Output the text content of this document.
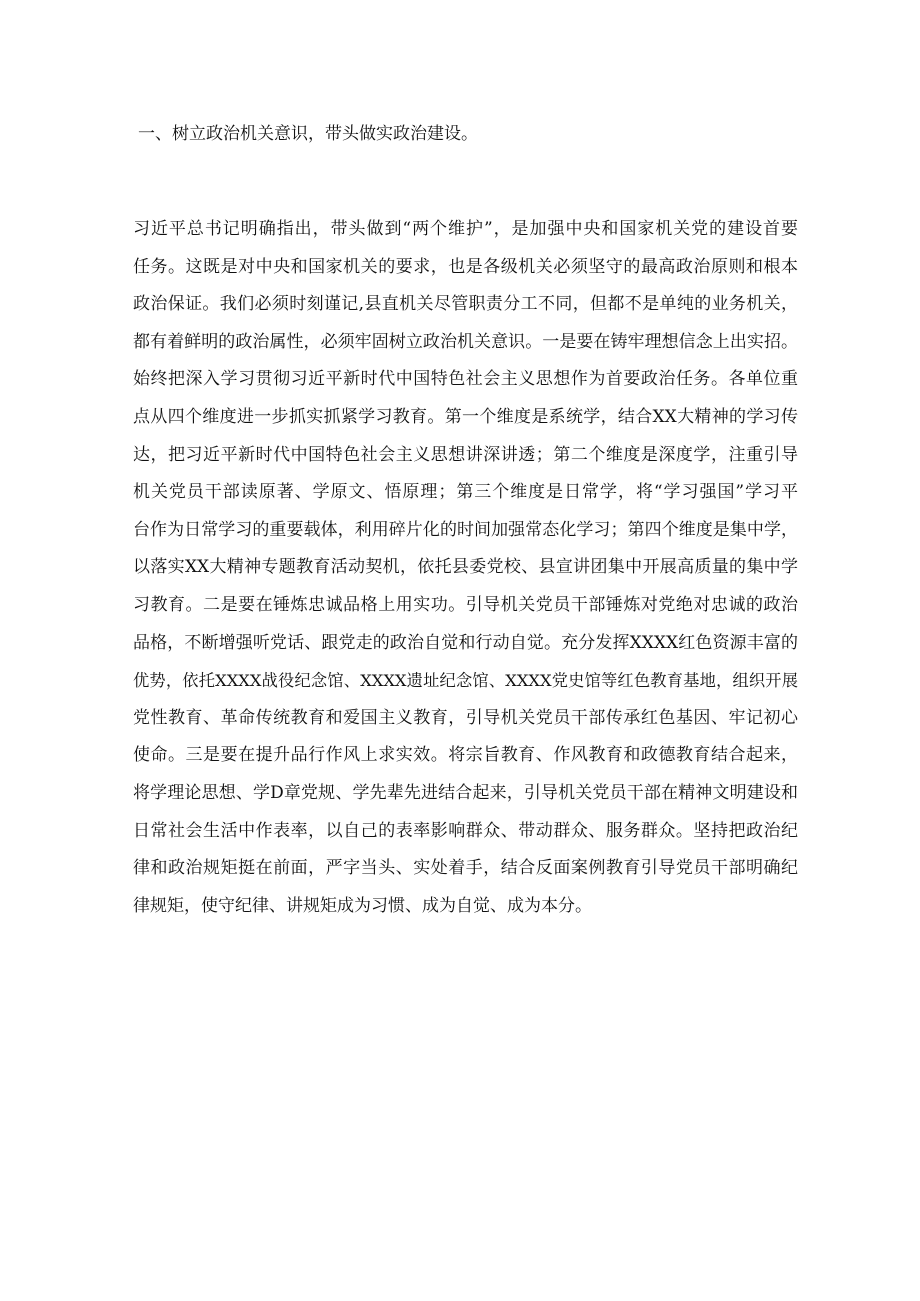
一、树立政治机关意识，带头做实政治建设。
习近平总书记明确指出，带头做到“两个维护”，是加强中央和国家机关党的建设首要
任务。这既是对中央和国家机关的要求，也是各级机关必须坚守的最高政治原则和根本
政治保证。我们必须时刻谨记,县直机关尽管职责分工不同，但都不是单纯的业务机关，
都有着鲜明的政治属性，必须牢固树立政治机关意识。一是要在铸牢理想信念上出实招。
始终把深入学习贯彻习近平新时代中国特色社会主义思想作为首要政治任务。各单位重
点从四个维度进一步抓实抓紧学习教育。第一个维度是系统学，结合XX大精神的学习传
达，把习近平新时代中国特色社会主义思想讲深讲透；第二个维度是深度学，注重引导
机关党员干部读原著、学原文、悟原理；第三个维度是日常学，将“学习强国”学习平
台作为日常学习的重要载体，利用碎片化的时间加强常态化学习；第四个维度是集中学，
以落实XX大精神专题教育活动契机，依托县委党校、县宣讲团集中开展高质量的集中学
习教育。二是要在锤炼忠诚品格上用实功。引导机关党员干部锤炼对党绝对忠诚的政治
品格，不断增强听党话、跟党走的政治自觉和行动自觉。充分发挥XXXX红色资源丰富的
优势，依托XXXX战役纪念馆、XXXX遗址纪念馆、XXXX党史馆等红色教育基地，组织开展
党性教育、革命传统教育和爱国主义教育，引导机关党员干部传承红色基因、牢记初心
使命。三是要在提升品行作风上求实效。将宗旨教育、作风教育和政德教育结合起来，
将学理论思想、学D章党规、学先辈先进结合起来，引导机关党员干部在精神文明建设和
日常社会生活中作表率，以自己的表率影响群众、带动群众、服务群众。坚持把政治纪
律和政治规矩挺在前面，严字当头、实处着手，结合反面案例教育引导党员干部明确纪
律规矩，使守纪律、讲规矩成为习惯、成为自觉、成为本分。
